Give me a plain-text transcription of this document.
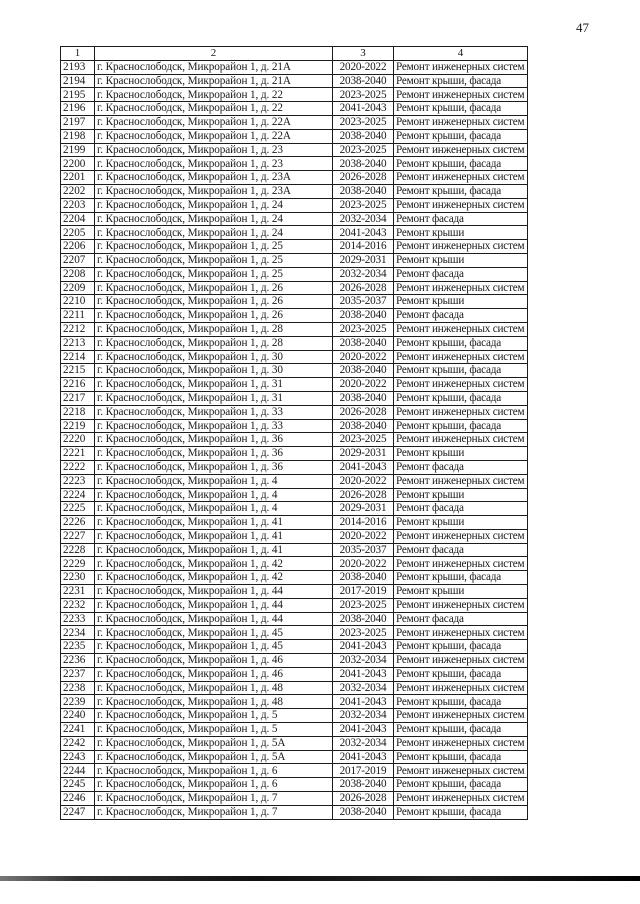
47
1	2	3	4
2193	г. Краснослободск, Микрорайон 1, д. 21А	2020-2022	Ремонт инженерных систем
2194	г. Краснослободск, Микрорайон 1, д. 21А	2038-2040	Ремонт крыши, фасада
2195	г. Краснослободск, Микрорайон 1, д. 22	2023-2025	Ремонт инженерных систем
2196	г. Краснослободск, Микрорайон 1, д. 22	2041-2043	Ремонт крыши, фасада
2197	г. Краснослободск, Микрорайон 1, д. 22А	2023-2025	Ремонт инженерных систем
2198	г. Краснослободск, Микрорайон 1, д. 22А	2038-2040	Ремонт крыши, фасада
2199	г. Краснослободск, Микрорайон 1, д. 23	2023-2025	Ремонт инженерных систем
2200	г. Краснослободск, Микрорайон 1, д. 23	2038-2040	Ремонт крыши, фасада
2201	г. Краснослободск, Микрорайон 1, д. 23А	2026-2028	Ремонт инженерных систем
2202	г. Краснослободск, Микрорайон 1, д. 23А	2038-2040	Ремонт крыши, фасада
2203	г. Краснослободск, Микрорайон 1, д. 24	2023-2025	Ремонт инженерных систем
2204	г. Краснослободск, Микрорайон 1, д. 24	2032-2034	Ремонт фасада
2205	г. Краснослободск, Микрорайон 1, д. 24	2041-2043	Ремонт крыши
2206	г. Краснослободск, Микрорайон 1, д. 25	2014-2016	Ремонт инженерных систем
2207	г. Краснослободск, Микрорайон 1, д. 25	2029-2031	Ремонт крыши
2208	г. Краснослободск, Микрорайон 1, д. 25	2032-2034	Ремонт фасада
2209	г. Краснослободск, Микрорайон 1, д. 26	2026-2028	Ремонт инженерных систем
2210	г. Краснослободск, Микрорайон 1, д. 26	2035-2037	Ремонт крыши
2211	г. Краснослободск, Микрорайон 1, д. 26	2038-2040	Ремонт фасада
2212	г. Краснослободск, Микрорайон 1, д. 28	2023-2025	Ремонт инженерных систем
2213	г. Краснослободск, Микрорайон 1, д. 28	2038-2040	Ремонт крыши, фасада
2214	г. Краснослободск, Микрорайон 1, д. 30	2020-2022	Ремонт инженерных систем
2215	г. Краснослободск, Микрорайон 1, д. 30	2038-2040	Ремонт крыши, фасада
2216	г. Краснослободск, Микрорайон 1, д. 31	2020-2022	Ремонт инженерных систем
2217	г. Краснослободск, Микрорайон 1, д. 31	2038-2040	Ремонт крыши, фасада
2218	г. Краснослободск, Микрорайон 1, д. 33	2026-2028	Ремонт инженерных систем
2219	г. Краснослободск, Микрорайон 1, д. 33	2038-2040	Ремонт крыши, фасада
2220	г. Краснослободск, Микрорайон 1, д. 36	2023-2025	Ремонт инженерных систем
2221	г. Краснослободск, Микрорайон 1, д. 36	2029-2031	Ремонт крыши
2222	г. Краснослободск, Микрорайон 1, д. 36	2041-2043	Ремонт фасада
2223	г. Краснослободск, Микрорайон 1, д. 4	2020-2022	Ремонт инженерных систем
2224	г. Краснослободск, Микрорайон 1, д. 4	2026-2028	Ремонт крыши
2225	г. Краснослободск, Микрорайон 1, д. 4	2029-2031	Ремонт фасада
2226	г. Краснослободск, Микрорайон 1, д. 41	2014-2016	Ремонт крыши
2227	г. Краснослободск, Микрорайон 1, д. 41	2020-2022	Ремонт инженерных систем
2228	г. Краснослободск, Микрорайон 1, д. 41	2035-2037	Ремонт фасада
2229	г. Краснослободск, Микрорайон 1, д. 42	2020-2022	Ремонт инженерных систем
2230	г. Краснослободск, Микрорайон 1, д. 42	2038-2040	Ремонт крыши, фасада
2231	г. Краснослободск, Микрорайон 1, д. 44	2017-2019	Ремонт крыши
2232	г. Краснослободск, Микрорайон 1, д. 44	2023-2025	Ремонт инженерных систем
2233	г. Краснослободск, Микрорайон 1, д. 44	2038-2040	Ремонт фасада
2234	г. Краснослободск, Микрорайон 1, д. 45	2023-2025	Ремонт инженерных систем
2235	г. Краснослободск, Микрорайон 1, д. 45	2041-2043	Ремонт крыши, фасада
2236	г. Краснослободск, Микрорайон 1, д. 46	2032-2034	Ремонт инженерных систем
2237	г. Краснослободск, Микрорайон 1, д. 46	2041-2043	Ремонт крыши, фасада
2238	г. Краснослободск, Микрорайон 1, д. 48	2032-2034	Ремонт инженерных систем
2239	г. Краснослободск, Микрорайон 1, д. 48	2041-2043	Ремонт крыши, фасада
2240	г. Краснослободск, Микрорайон 1, д. 5	2032-2034	Ремонт инженерных систем
2241	г. Краснослободск, Микрорайон 1, д. 5	2041-2043	Ремонт крыши, фасада
2242	г. Краснослободск, Микрорайон 1, д. 5А	2032-2034	Ремонт инженерных систем
2243	г. Краснослободск, Микрорайон 1, д. 5А	2041-2043	Ремонт крыши, фасада
2244	г. Краснослободск, Микрорайон 1, д. 6	2017-2019	Ремонт инженерных систем
2245	г. Краснослободск, Микрорайон 1, д. 6	2038-2040	Ремонт крыши, фасада
2246	г. Краснослободск, Микрорайон 1, д. 7	2026-2028	Ремонт инженерных систем
2247	г. Краснослободск, Микрорайон 1, д. 7	2038-2040	Ремонт крыши, фасада
